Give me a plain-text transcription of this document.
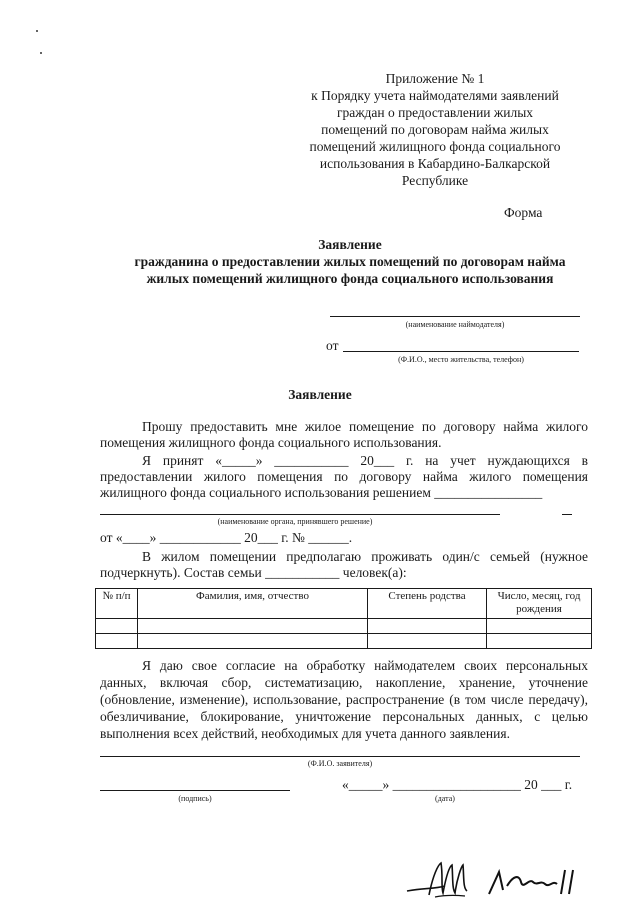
Приложение № 1
к Порядку учета наймодателями заявлений
граждан о предоставлении жилых
помещений по договорам найма жилых
помещений жилищного фонда социального
использования в Кабардино-Балкарской
Республике
Форма
Заявление
гражданина о предоставлении жилых помещений по договорам найма
жилых помещений жилищного фонда социального использования
(наименование наймодателя)
от
(Ф.И.О., место жительства, телефон)
Заявление
Прошу предоставить мне жилое помещение по договору найма жилого помещения жилищного фонда социального использования.
Я принят «_____» ___________ 20___ г. на учет нуждающихся в
предоставлении жилого помещения по договору найма жилого помещения
жилищного фонда социального использования решением ________________
(наименование органа, принявшего решение)
от «____» ____________ 20___ г. № ______.
В жилом помещении предполагаю проживать один/с семьей (нужное
подчеркнуть). Состав семьи ___________ человек(а):
№ п/п	Фамилия, имя, отчество	Степень родства	Число, месяц, год рождения

Я даю свое согласие на обработку наймодателем своих персональных данных, включая сбор, систематизацию, накопление, хранение, уточнение (обновление, изменение), использование, распространение (в том числе передачу), обезличивание, блокирование, уничтожение персональных данных, с целью выполнения всех действий, необходимых для учета данного заявления.
(Ф.И.О. заявителя)
(подпись)
«_____» ___________________ 20 ___ г.
(дата)
